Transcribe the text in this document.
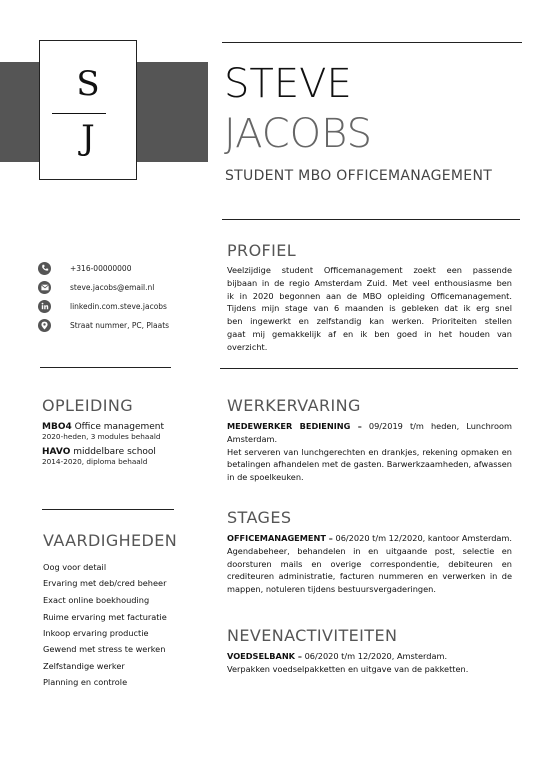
S
J
STEVE
JACOBS
STUDENT MBO OFFICEMANAGEMENT
+316-00000000
steve.jacobs@email.nl
linkedin.com.steve.jacobs
Straat nummer, PC, Plaats
PROFIEL
Veelzijdige student Officemanagement zoekt een passende
bijbaan in de regio Amsterdam Zuid. Met veel enthousiasme ben
ik in 2020 begonnen aan de MBO opleiding Officemanagement.
Tijdens mijn stage van 6 maanden is gebleken dat ik erg snel
ben ingewerkt en zelfstandig kan werken. Prioriteiten stellen
gaat mij gemakkelijk af en ik ben goed in het houden van
overzicht.
OPLEIDING
MBO4 Office management
2020-heden, 3 modules behaald
HAVO middelbare school
2014-2020, diploma behaald
VAARDIGHEDEN
Oog voor detail
Ervaring met deb/cred beheer
Exact online boekhouding
Ruime ervaring met facturatie
Inkoop ervaring productie
Gewend met stress te werken
Zelfstandige werker
Planning en controle
WERKERVARING
MEDEWERKER BEDIENING – 09/2019 t/m heden, Lunchroom
Amsterdam.
Het serveren van lunchgerechten en drankjes, rekening opmaken en
betalingen afhandelen met de gasten. Barwerkzaamheden, afwassen
in de spoelkeuken.
STAGES
OFFICEMANAGEMENT – 06/2020 t/m 12/2020, kantoor Amsterdam.
Agendabeheer, behandelen in en uitgaande post, selectie en
doorsturen mails en overige correspondentie, debiteuren en
crediteuren administratie, facturen nummeren en verwerken in de
mappen, notuleren tijdens bestuursvergaderingen.
NEVENACTIVITEITEN
VOEDSELBANK – 06/2020 t/m 12/2020, Amsterdam.
Verpakken voedselpakketten en uitgave van de pakketten.
